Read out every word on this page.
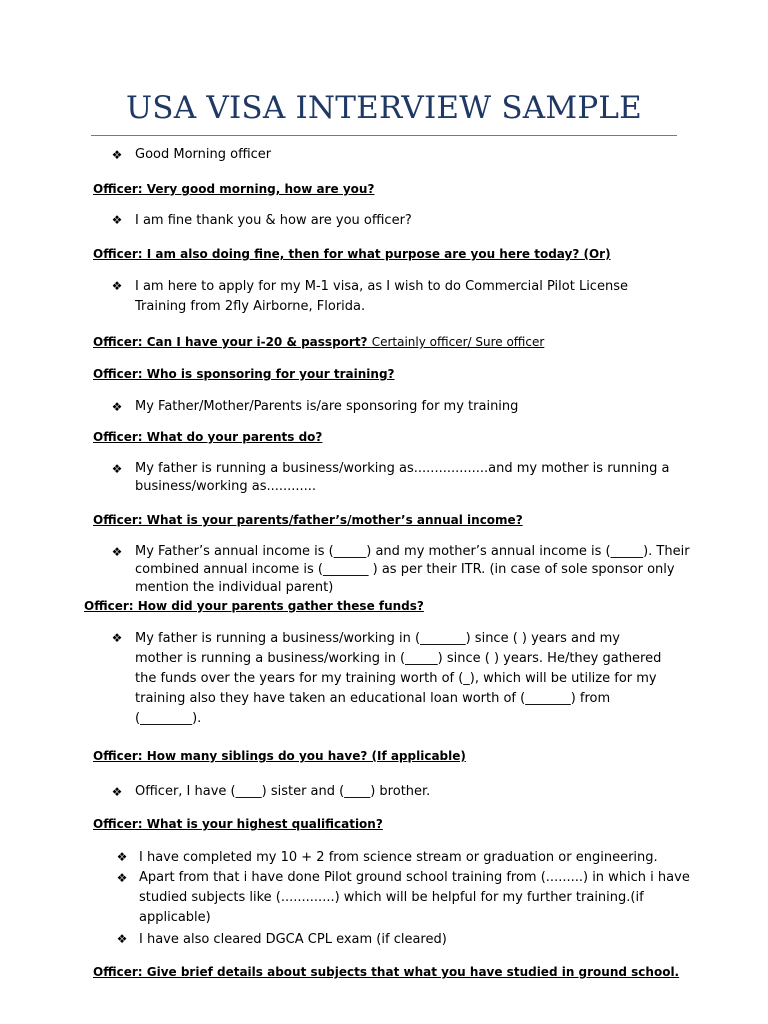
USA VISA INTERVIEW SAMPLE
❖ Good Morning officer
Officer: Very good morning, how are you?
❖ I am fine thank you & how are you officer?
Officer: I am also doing fine, then for what purpose are you here today? (Or)
❖ I am here to apply for my M-1 visa, as I wish to do Commercial Pilot License
Training from 2fly Airborne, Florida.
Officer: Can I have your i-20 & passport? Certainly officer/ Sure officer
Officer: Who is sponsoring for your training?
❖ My Father/Mother/Parents is/are sponsoring for my training
Officer: What do your parents do?
❖ My father is running a business/working as..................and my mother is running a
business/working as............
Officer: What is your parents/father’s/mother’s annual income?
❖ My Father’s annual income is (_____) and my mother’s annual income is (_____). Their
combined annual income is (_______ ) as per their ITR. (in case of sole sponsor only
mention the individual parent)
Officer: How did your parents gather these funds?
❖ My father is running a business/working in (_______) since ( ) years and my
mother is running a business/working in (_____) since ( ) years. He/they gathered
the funds over the years for my training worth of (_), which will be utilize for my
training also they have taken an educational loan worth of (_______) from
(________).
Officer: How many siblings do you have? (If applicable)
❖ Officer, I have (____) sister and (____) brother.
Officer: What is your highest qualification?
❖ I have completed my 10 + 2 from science stream or graduation or engineering.
❖ Apart from that i have done Pilot ground school training from (.........) in which i have
studied subjects like (.............) which will be helpful for my further training.(if
applicable)
❖ I have also cleared DGCA CPL exam (if cleared)
Officer: Give brief details about subjects that what you have studied in ground school.
